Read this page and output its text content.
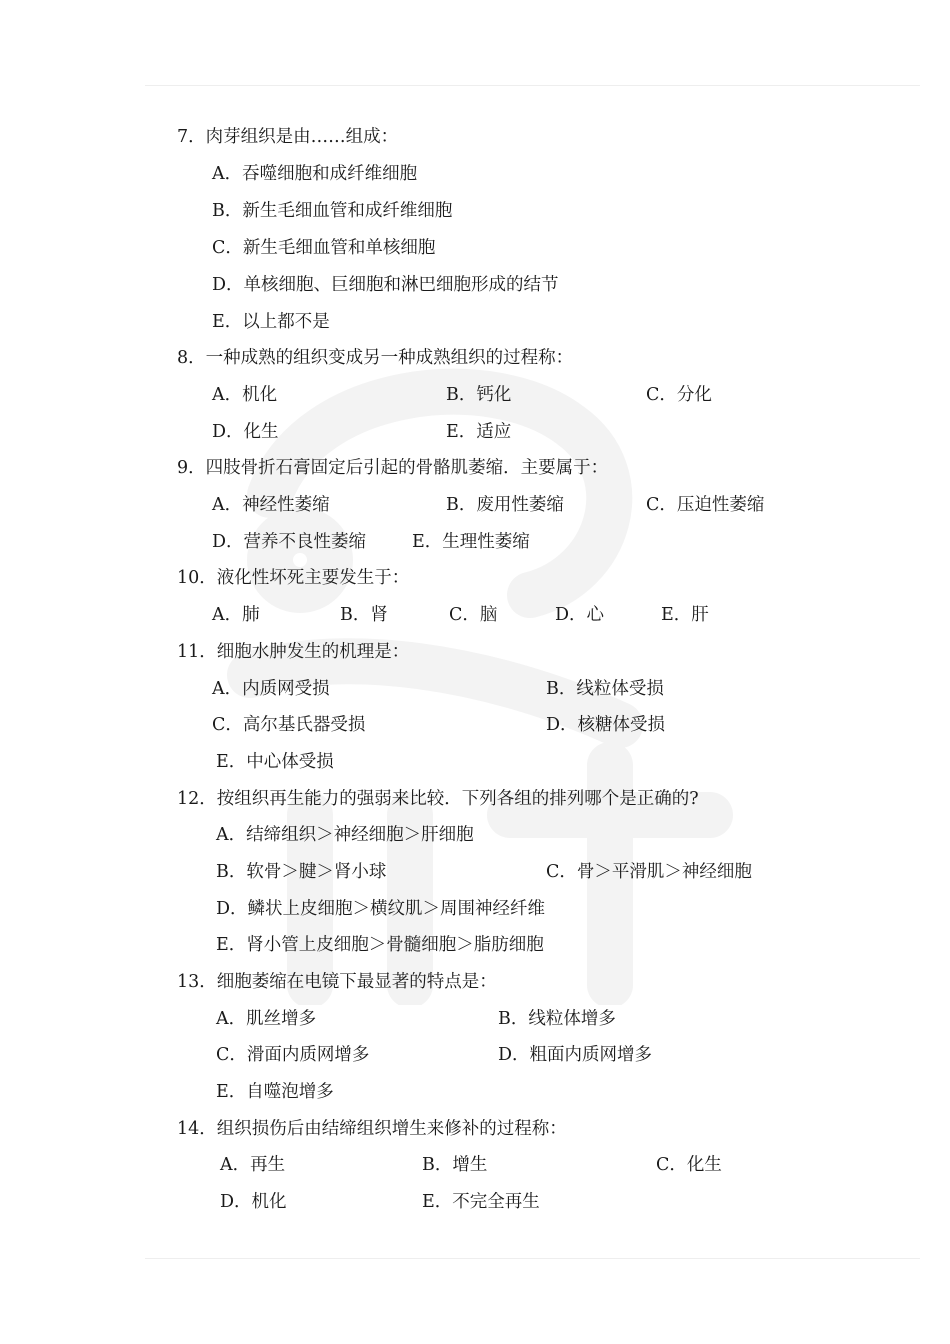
7．肉芽组织是由……组成：
A．吞噬细胞和成纤维细胞
B．新生毛细血管和成纤维细胞
C．新生毛细血管和单核细胞
D．单核细胞、巨细胞和淋巴细胞形成的结节
E．以上都不是
8．一种成熟的组织变成另一种成熟组织的过程称：
A．机化	B．钙化	C．分化
D．化生	E．适应
9．四肢骨折石膏固定后引起的骨骼肌萎缩．主要属于：
A．神经性萎缩	B．废用性萎缩	C．压迫性萎缩
D．营养不良性萎缩	E．生理性萎缩
10．液化性坏死主要发生于：
A．肺	B．肾	C．脑	D．心	E．肝
11．细胞水肿发生的机理是：
A．内质网受损	B．线粒体受损
C．高尔基氏器受损	D．核糖体受损
E．中心体受损
12．按组织再生能力的强弱来比较．下列各组的排列哪个是正确的?
A．结缔组织＞神经细胞＞肝细胞
B．软骨＞腱＞肾小球	C．骨＞平滑肌＞神经细胞
D．鳞状上皮细胞＞横纹肌＞周围神经纤维
E．肾小管上皮细胞＞骨髓细胞＞脂肪细胞
13．细胞萎缩在电镜下最显著的特点是：
A．肌丝增多	B．线粒体增多
C．滑面内质网增多	D．粗面内质网增多
E．自噬泡增多
14．组织损伤后由结缔组织增生来修补的过程称：
A．再生	B．增生	C．化生
D．机化	E．不完全再生
